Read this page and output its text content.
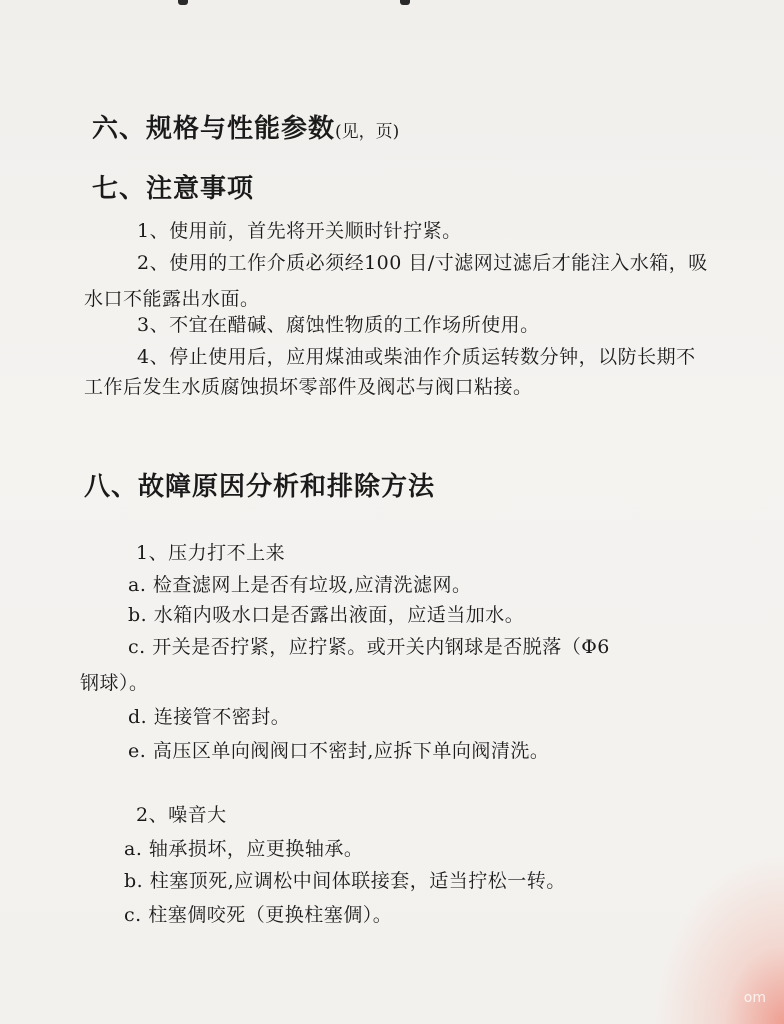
六、规格与性能参数(见，页)
七、注意事项
1、使用前，首先将开关顺时针拧紧。
2、使用的工作介质必须经100 目/寸滤网过滤后才能注入水箱，吸
水口不能露出水面。
3、不宜在醋碱、腐蚀性物质的工作场所使用。
4、停止使用后，应用煤油或柴油作介质运转数分钟，以防长期不
工作后发生水质腐蚀损坏零部件及阀芯与阀口粘接。
八、故障原因分析和排除方法
1、压力打不上来
a. 检查滤网上是否有垃圾,应清洗滤网。
b. 水箱内吸水口是否露出液面，应适当加水。
c. 开关是否拧紧，应拧紧。或开关内钢球是否脱落（Φ6
钢球）。
d. 连接管不密封。
e. 高压区单向阀阀口不密封,应拆下单向阀清洗。
2、噪音大
a. 轴承损坏，应更换轴承。
b. 柱塞顶死,应调松中间体联接套，适当拧松一转。
c. 柱塞倜咬死（更换柱塞倜）。
om
